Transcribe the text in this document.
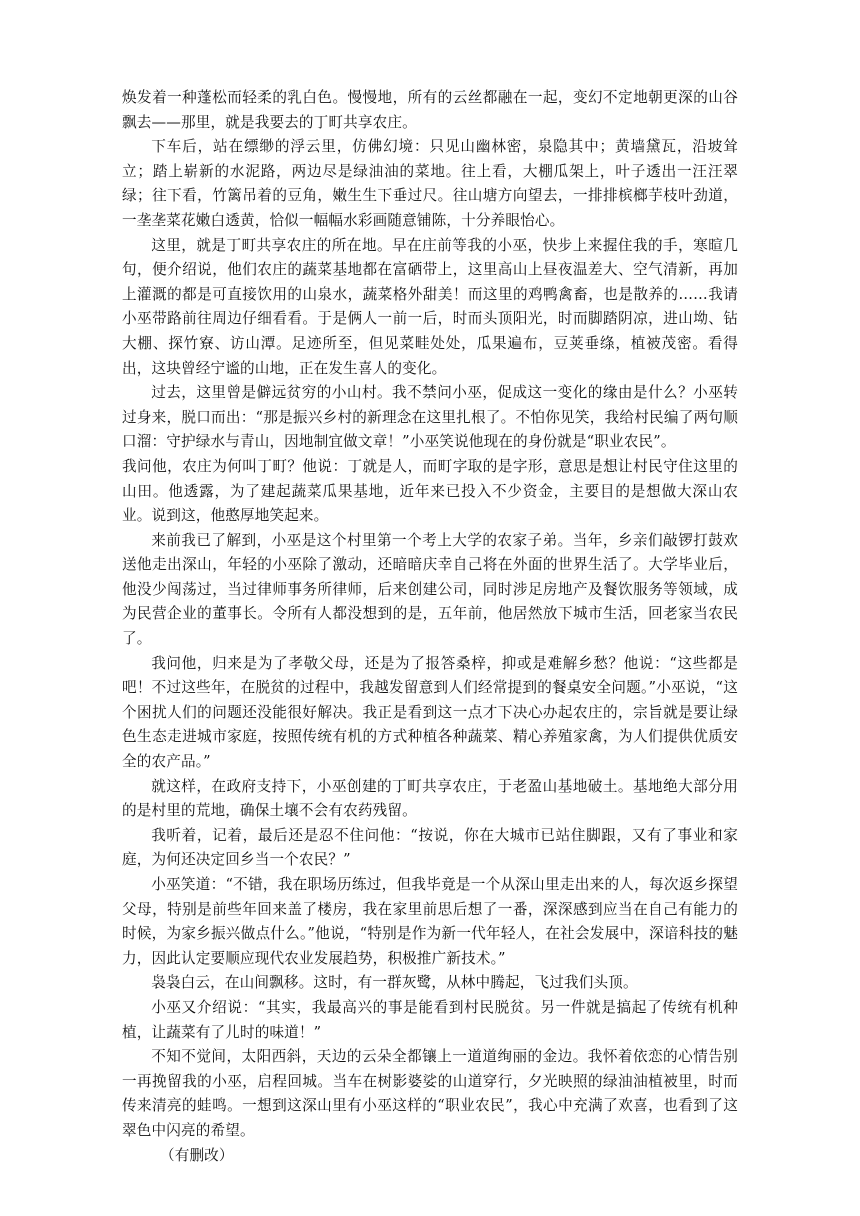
焕发着一种蓬松而轻柔的乳白色。慢慢地，所有的云丝都融在一起，变幻不定地朝更深的山谷飘去——那里，就是我要去的丁町共享农庄。

下车后，站在缥缈的浮云里，仿佛幻境：只见山幽林密，泉隐其中；黄墙黛瓦，沿坡耸立；踏上崭新的水泥路，两边尽是绿油油的菜地。往上看，大棚瓜架上，叶子透出一汪汪翠绿；往下看，竹篱吊着的豆角，嫩生生下垂过尺。往山塘方向望去，一排排槟榔芋枝叶劲道，一垄垄菜花嫩白透黄，恰似一幅幅水彩画随意铺陈，十分养眼怡心。

这里，就是丁町共享农庄的所在地。早在庄前等我的小巫，快步上来握住我的手，寒暄几句，便介绍说，他们农庄的蔬菜基地都在富硒带上，这里高山上昼夜温差大、空气清新，再加上灌溉的都是可直接饮用的山泉水，蔬菜格外甜美！而这里的鸡鸭禽畜，也是散养的……我请小巫带路前往周边仔细看看。于是俩人一前一后，时而头顶阳光，时而脚踏阴凉，进山坳、钻大棚、探竹寮、访山潭。足迹所至，但见菜畦处处，瓜果遍布，豆荚垂绦，植被茂密。看得出，这块曾经宁谧的山地，正在发生喜人的变化。

过去，这里曾是僻远贫穷的小山村。我不禁问小巫，促成这一变化的缘由是什么？小巫转过身来，脱口而出：“那是振兴乡村的新理念在这里扎根了。不怕你见笑，我给村民编了两句顺口溜：守护绿水与青山，因地制宜做文章！”小巫笑说他现在的身份就是“职业农民”。

我问他，农庄为何叫丁町？他说：丁就是人，而町字取的是字形，意思是想让村民守住这里的山田。他透露，为了建起蔬菜瓜果基地，近年来已投入不少资金，主要目的是想做大深山农业。说到这，他憨厚地笑起来。

来前我已了解到，小巫是这个村里第一个考上大学的农家子弟。当年，乡亲们敲锣打鼓欢送他走出深山，年轻的小巫除了激动，还暗暗庆幸自己将在外面的世界生活了。大学毕业后，他没少闯荡过，当过律师事务所律师，后来创建公司，同时涉足房地产及餐饮服务等领域，成为民营企业的董事长。令所有人都没想到的是，五年前，他居然放下城市生活，回老家当农民了。

我问他，归来是为了孝敬父母，还是为了报答桑梓，抑或是难解乡愁？他说：“这些都是吧！不过这些年，在脱贫的过程中，我越发留意到人们经常提到的餐桌安全问题。”小巫说，“这个困扰人们的问题还没能很好解决。我正是看到这一点才下决心办起农庄的，宗旨就是要让绿色生态走进城市家庭，按照传统有机的方式种植各种蔬菜、精心养殖家禽，为人们提供优质安全的农产品。”

就这样，在政府支持下，小巫创建的丁町共享农庄，于老盈山基地破土。基地绝大部分用的是村里的荒地，确保土壤不会有农药残留。

我听着，记着，最后还是忍不住问他：“按说，你在大城市已站住脚跟，又有了事业和家庭，为何还决定回乡当一个农民？”

小巫笑道：“不错，我在职场历练过，但我毕竟是一个从深山里走出来的人，每次返乡探望父母，特别是前些年回来盖了楼房，我在家里前思后想了一番，深深感到应当在自己有能力的时候，为家乡振兴做点什么。”他说，“特别是作为新一代年轻人，在社会发展中，深谙科技的魅力，因此认定要顺应现代农业发展趋势，积极推广新技术。”

袅袅白云，在山间飘移。这时，有一群灰鹭，从林中腾起，飞过我们头顶。

小巫又介绍说：“其实，我最高兴的事是能看到村民脱贫。另一件就是搞起了传统有机种植，让蔬菜有了儿时的味道！”

不知不觉间，太阳西斜，天边的云朵全都镶上一道道绚丽的金边。我怀着依恋的心情告别一再挽留我的小巫，启程回城。当车在树影婆娑的山道穿行，夕光映照的绿油油植被里，时而传来清亮的蛙鸣。一想到这深山里有小巫这样的“职业农民”，我心中充满了欢喜，也看到了这翠色中闪亮的希望。

（有删改）
